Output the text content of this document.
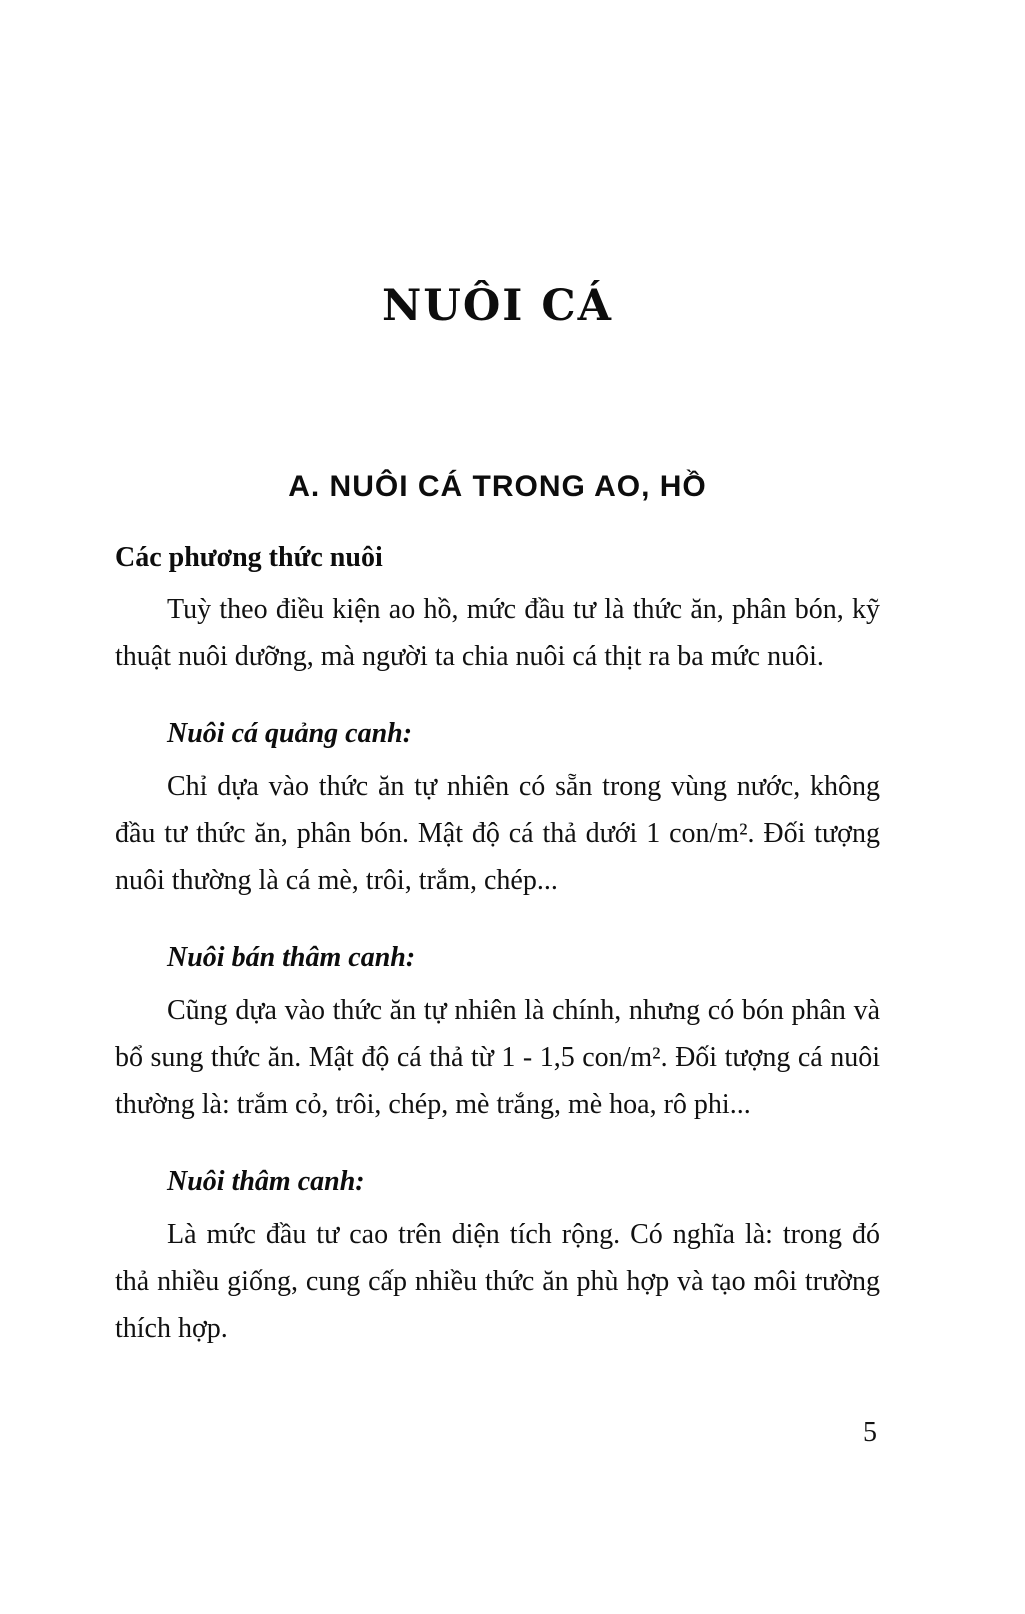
NUÔI CÁ
A. NUÔI CÁ TRONG AO, HỒ
Các phương thức nuôi

Tuỳ theo điều kiện ao hồ, mức đầu tư là thức ăn, phân bón, kỹ thuật nuôi dưỡng, mà người ta chia nuôi cá thịt ra ba mức nuôi.

Nuôi cá quảng canh:

Chỉ dựa vào thức ăn tự nhiên có sẵn trong vùng nước, không đầu tư thức ăn, phân bón. Mật độ cá thả dưới 1 con/m². Đối tượng nuôi thường là cá mè, trôi, trắm, chép...

Nuôi bán thâm canh:

Cũng dựa vào thức ăn tự nhiên là chính, nhưng có bón phân và bổ sung thức ăn. Mật độ cá thả từ 1 - 1,5 con/m². Đối tượng cá nuôi thường là: trắm cỏ, trôi, chép, mè trắng, mè hoa, rô phi...

Nuôi thâm canh:

Là mức đầu tư cao trên diện tích rộng. Có nghĩa là: trong đó thả nhiều giống, cung cấp nhiều thức ăn phù hợp và tạo môi trường thích hợp.

5
